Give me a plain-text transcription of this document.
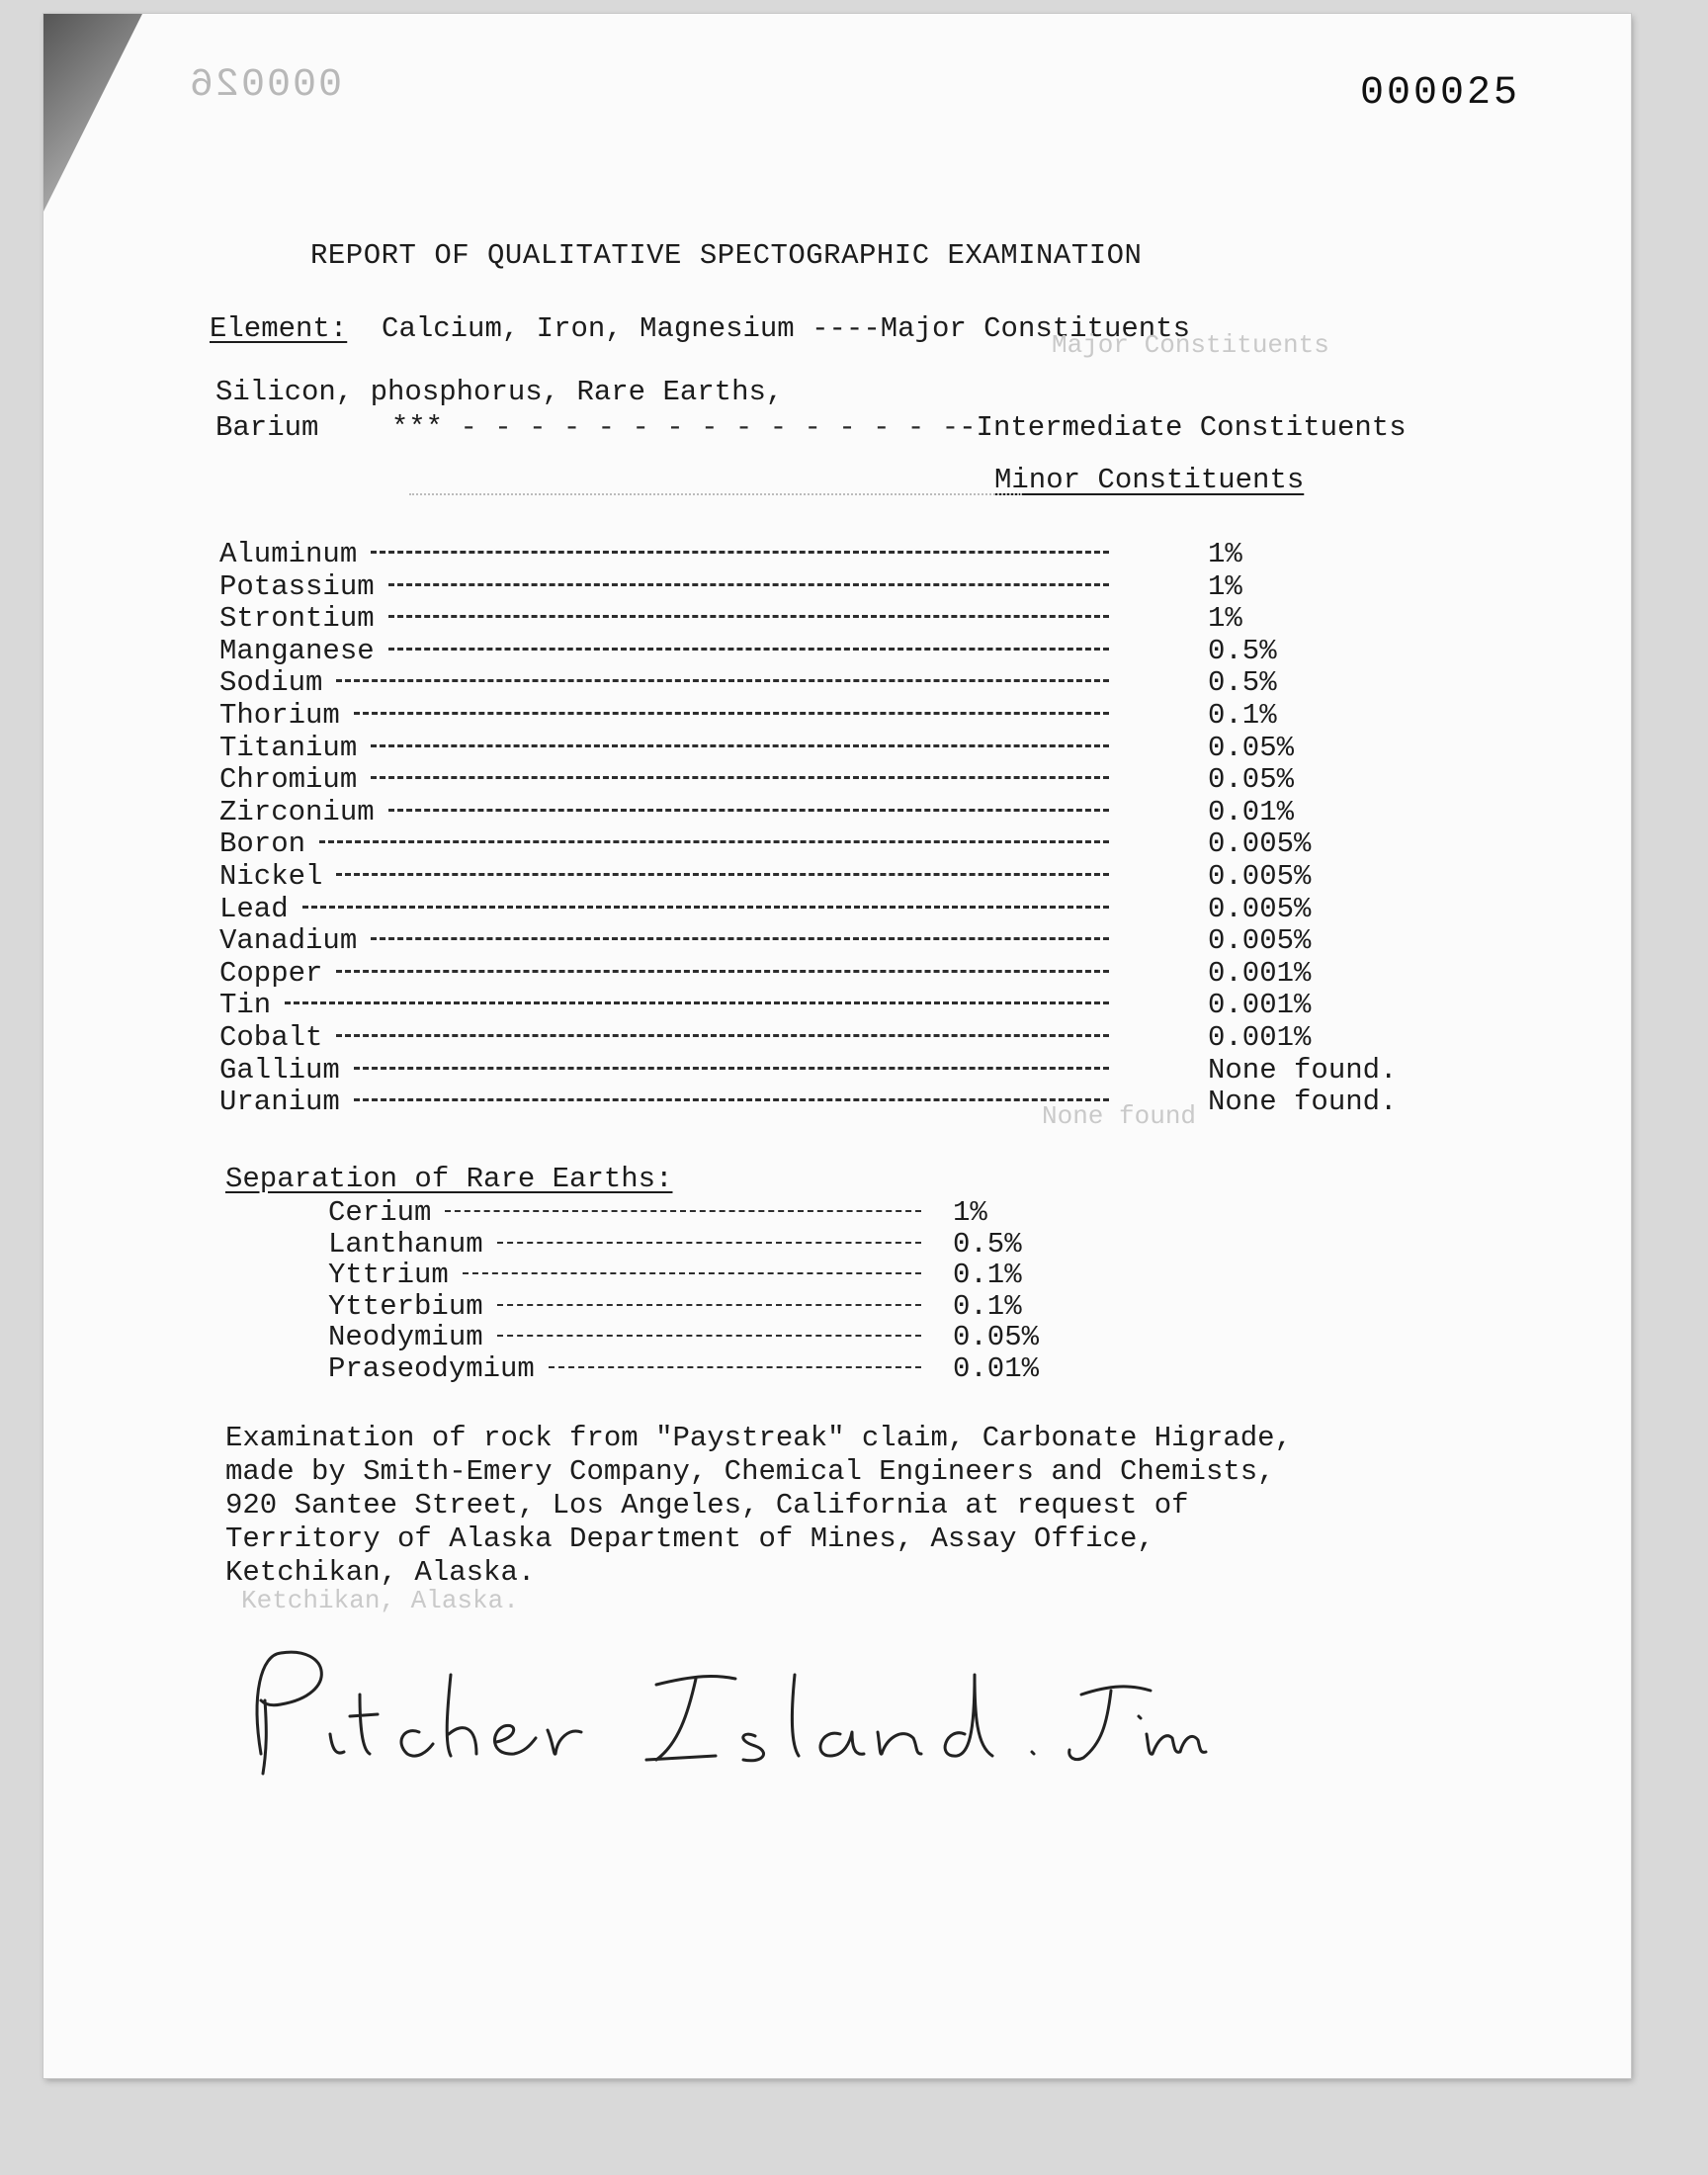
000026	000025
REPORT OF QUALITATIVE SPECTOGRAPHIC EXAMINATION
Element: Calcium, Iron, Magnesium ----Major Constituents
Silicon, phosphorus, Rare Earths,
Barium	*** - - - - - - - - - - - - - - --Intermediate Constituents
Minor Constituents
Aluminum	1%
Potassium	1%
Strontium	1%
Manganese	0.5%
Sodium	0.5%
Thorium	0.1%
Titanium	0.05%
Chromium	0.05%
Zirconium	0.01%
Boron	0.005%
Nickel	0.005%
Lead	0.005%
Vanadium	0.005%
Copper	0.001%
Tin	0.001%
Cobalt	0.001%
Gallium	None found.
Uranium	None found.
Separation of Rare Earths:
Cerium	1%
Lanthanum	0.5%
Yttrium	0.1%
Ytterbium	0.1%
Neodymium	0.05%
Praseodymium	0.01%
Examination of rock from "Paystreak" claim, Carbonate Higrade,
made by Smith-Emery Company, Chemical Engineers and Chemists,
920 Santee Street, Los Angeles, California at request of
Territory of Alaska Department of Mines, Assay Office,
Ketchikan, Alaska.
Major Constituents
None found
Ketchikan, Alaska.
